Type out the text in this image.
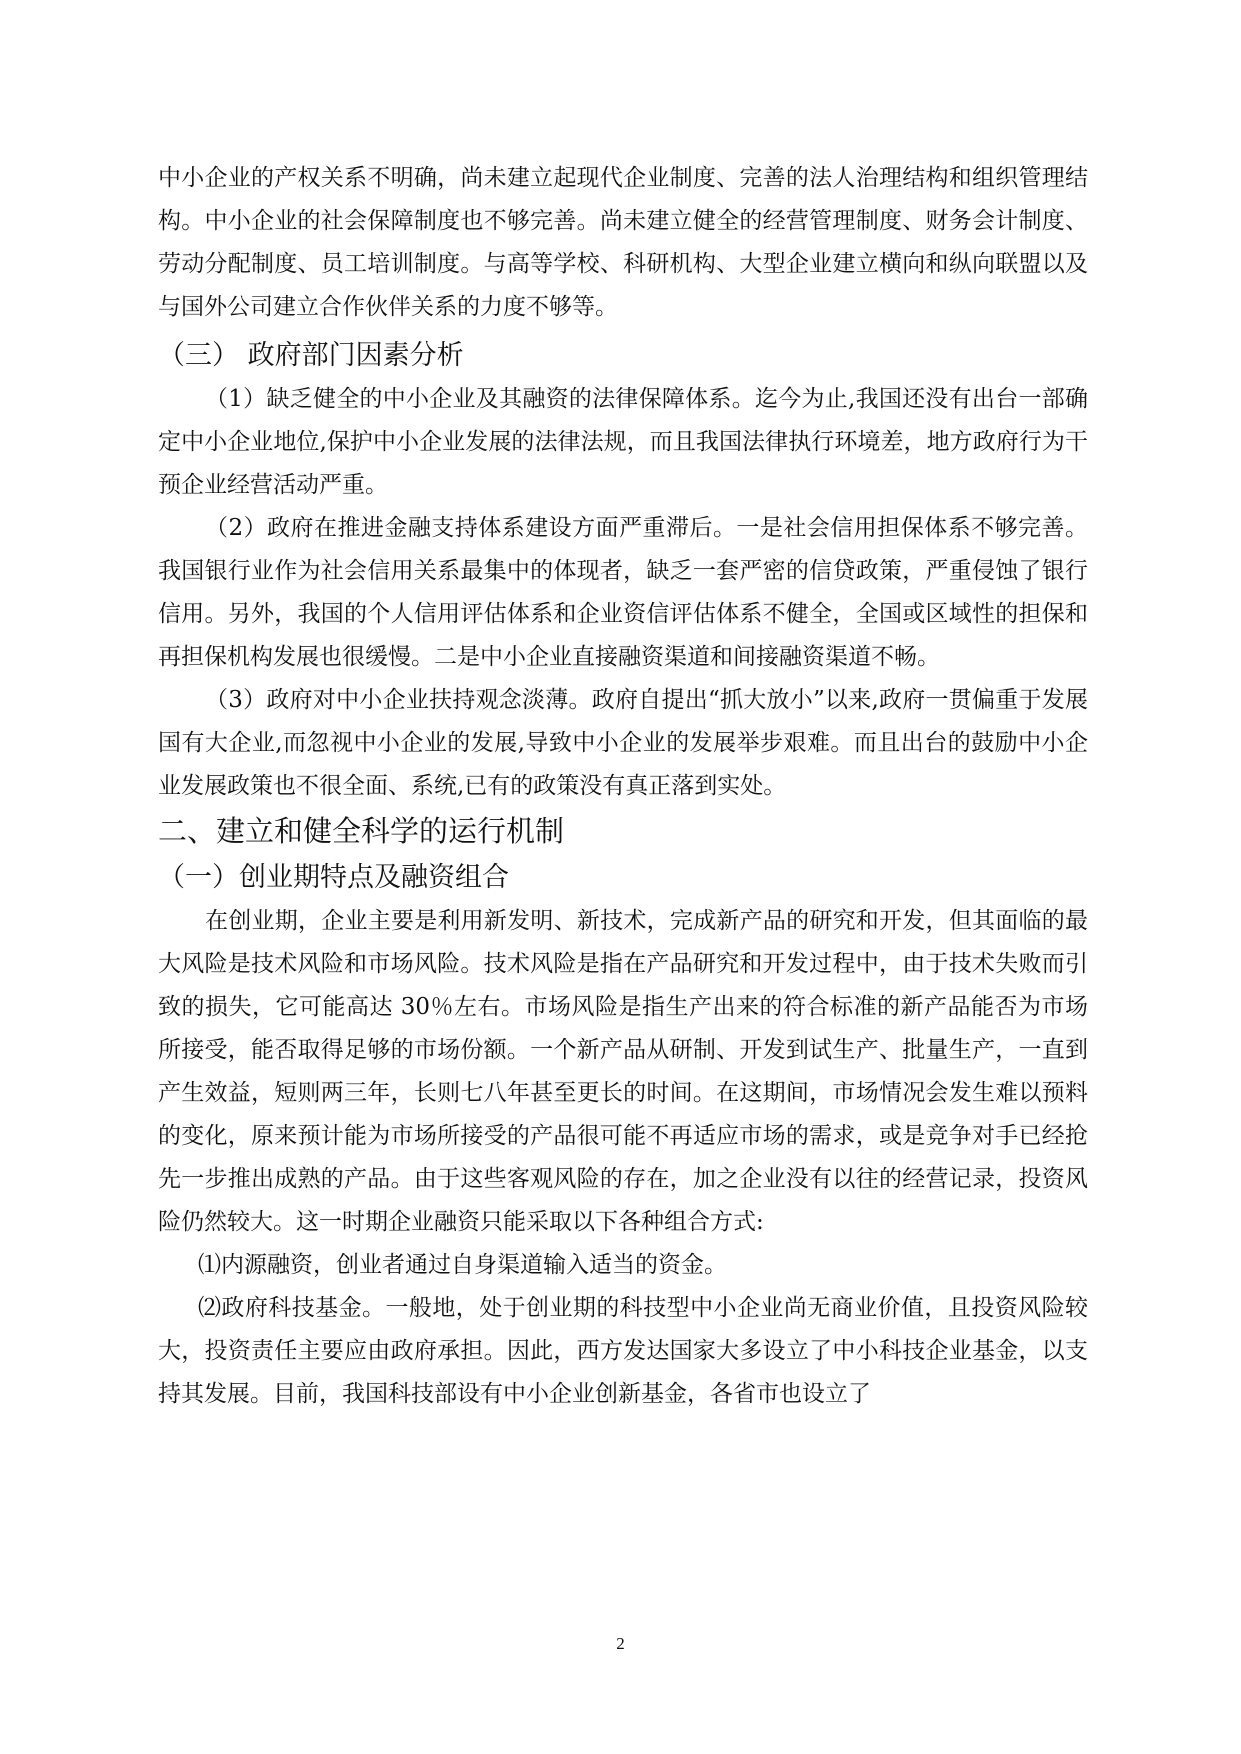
中小企业的产权关系不明确，尚未建立起现代企业制度、完善的法人治理结构和组织管理结构。中小企业的社会保障制度也不够完善。尚未建立健全的经营管理制度、财务会计制度、劳动分配制度、员工培训制度。与高等学校、科研机构、大型企业建立横向和纵向联盟以及与国外公司建立合作伙伴关系的力度不够等。

（三） 政府部门因素分析

（1）缺乏健全的中小企业及其融资的法律保障体系。迄今为止,我国还没有出台一部确定中小企业地位,保护中小企业发展的法律法规，而且我国法律执行环境差，地方政府行为干预企业经营活动严重。

（2）政府在推进金融支持体系建设方面严重滞后。一是社会信用担保体系不够完善。我国银行业作为社会信用关系最集中的体现者，缺乏一套严密的信贷政策，严重侵蚀了银行信用。另外，我国的个人信用评估体系和企业资信评估体系不健全，全国或区域性的担保和再担保机构发展也很缓慢。二是中小企业直接融资渠道和间接融资渠道不畅。

（3）政府对中小企业扶持观念淡薄。政府自提出“抓大放小”以来,政府一贯偏重于发展国有大企业,而忽视中小企业的发展,导致中小企业的发展举步艰难。而且出台的鼓励中小企业发展政策也不很全面、系统,已有的政策没有真正落到实处。

二、建立和健全科学的运行机制
（一）创业期特点及融资组合

在创业期，企业主要是利用新发明、新技术，完成新产品的研究和开发，但其面临的最大风险是技术风险和市场风险。技术风险是指在产品研究和开发过程中，由于技术失败而引致的损失，它可能高达 30％左右。市场风险是指生产出来的符合标准的新产品能否为市场所接受，能否取得足够的市场份额。一个新产品从研制、开发到试生产、批量生产，一直到产生效益，短则两三年，长则七八年甚至更长的时间。在这期间，市场情况会发生难以预料的变化，原来预计能为市场所接受的产品很可能不再适应市场的需求，或是竞争对手已经抢先一步推出成熟的产品。由于这些客观风险的存在，加之企业没有以往的经营记录，投资风险仍然较大。这一时期企业融资只能采取以下各种组合方式:

⑴内源融资，创业者通过自身渠道输入适当的资金。

⑵政府科技基金。一般地，处于创业期的科技型中小企业尚无商业价值，且投资风险较大，投资责任主要应由政府承担。因此，西方发达国家大多设立了中小科技企业基金，以支持其发展。目前，我国科技部设有中小企业创新基金，各省市也设立了

2
